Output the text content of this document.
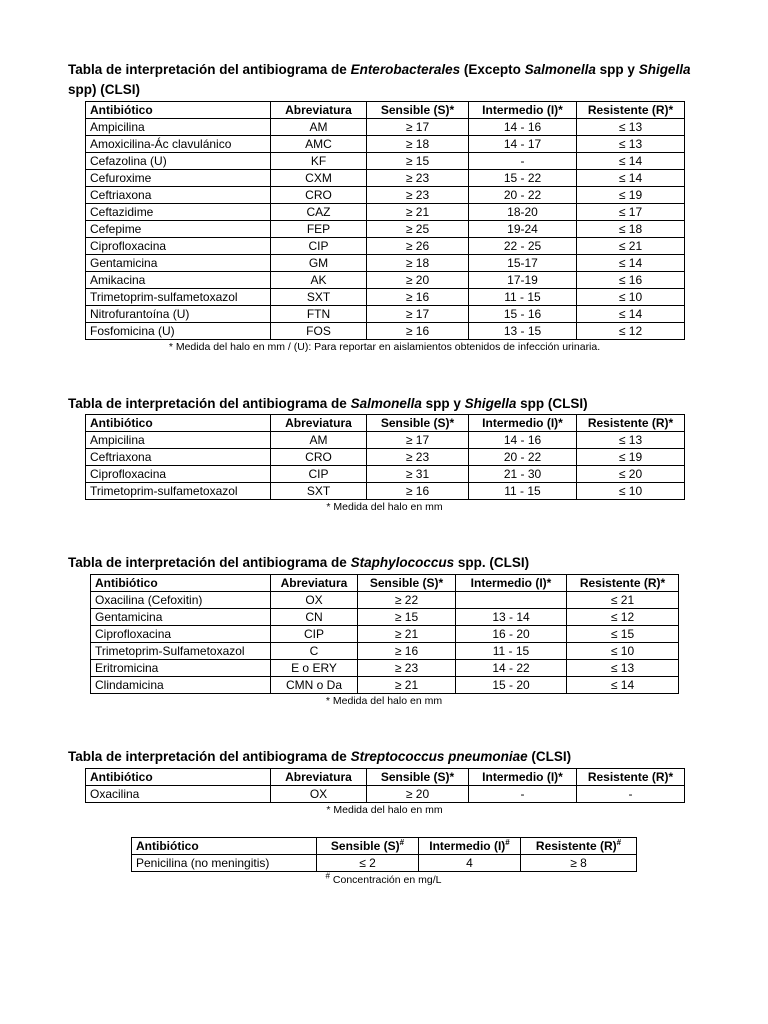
Tabla de interpretación del antibiograma de Enterobacterales (Excepto Salmonella spp y Shigella spp) (CLSI)
Antibiótico	Abreviatura	Sensible (S)*	Intermedio (I)*	Resistente (R)*
Ampicilina	AM	≥ 17	14 - 16	≤ 13
Amoxicilina-Ác clavulánico	AMC	≥ 18	14 - 17	≤ 13
Cefazolina (U)	KF	≥ 15	-	≤ 14
Cefuroxime	CXM	≥ 23	15 - 22	≤ 14
Ceftriaxona	CRO	≥ 23	20 - 22	≤ 19
Ceftazidime	CAZ	≥ 21	18-20	≤ 17
Cefepime	FEP	≥ 25	19-24	≤ 18
Ciprofloxacina	CIP	≥ 26	22 - 25	≤ 21
Gentamicina	GM	≥ 18	15-17	≤ 14
Amikacina	AK	≥ 20	17-19	≤ 16
Trimetoprim-sulfametoxazol	SXT	≥ 16	11 - 15	≤ 10
Nitrofurantoína (U)	FTN	≥ 17	15 - 16	≤ 14
Fosfomicina (U)	FOS	≥ 16	13 - 15	≤ 12
* Medida del halo en mm / (U): Para reportar en aislamientos obtenidos de infección urinaria.
Tabla de interpretación del antibiograma de Salmonella spp y Shigella spp (CLSI)
Antibiótico	Abreviatura	Sensible (S)*	Intermedio (I)*	Resistente (R)*
Ampicilina	AM	≥ 17	14 - 16	≤ 13
Ceftriaxona	CRO	≥ 23	20 - 22	≤ 19
Ciprofloxacina	CIP	≥ 31	21 - 30	≤ 20
Trimetoprim-sulfametoxazol	SXT	≥ 16	11 - 15	≤ 10
* Medida del halo en mm
Tabla de interpretación del antibiograma de Staphylococcus spp. (CLSI)
Antibiótico	Abreviatura	Sensible (S)*	Intermedio (I)*	Resistente (R)*
Oxacilina (Cefoxitin)	OX	≥ 22		≤ 21
Gentamicina	CN	≥ 15	13 - 14	≤ 12
Ciprofloxacina	CIP	≥ 21	16 - 20	≤ 15
Trimetoprim-Sulfametoxazol	C	≥ 16	11 - 15	≤ 10
Eritromicina	E o ERY	≥ 23	14 - 22	≤ 13
Clindamicina	CMN o Da	≥ 21	15 - 20	≤ 14
* Medida del halo en mm
Tabla de interpretación del antibiograma de Streptococcus pneumoniae (CLSI)
Antibiótico	Abreviatura	Sensible (S)*	Intermedio (I)*	Resistente (R)*
Oxacilina	OX	≥ 20	-	-
* Medida del halo en mm
Antibiótico	Sensible (S)#	Intermedio (I)#	Resistente (R)#
Penicilina (no meningitis)	≤ 2	4	≥ 8
# Concentración en mg/L
